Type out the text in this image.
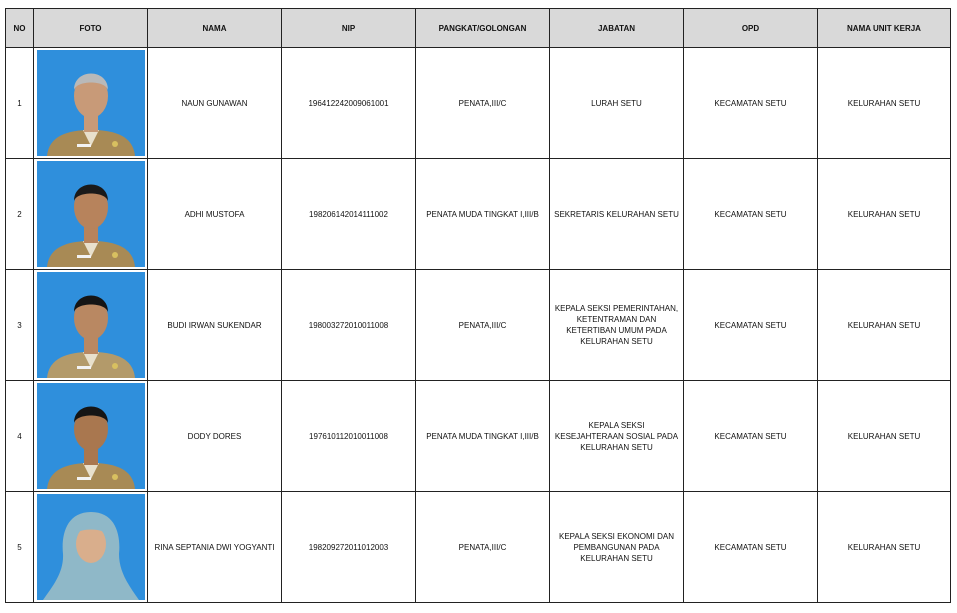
NO	FOTO	NAMA	NIP	PANGKAT/GOLONGAN	JABATAN	OPD	NAMA UNIT KERJA
1		NAUN GUNAWAN	196412242009061001	PENATA,III/C	LURAH SETU	KECAMATAN SETU	KELURAHAN SETU
2		ADHI MUSTOFA	198206142014111002	PENATA MUDA TINGKAT I,III/B	SEKRETARIS KELURAHAN SETU	KECAMATAN SETU	KELURAHAN SETU
3		BUDI IRWAN SUKENDAR	198003272010011008	PENATA,III/C	KEPALA SEKSI PEMERINTAHAN, KETENTRAMAN DAN KETERTIBAN UMUM PADA KELURAHAN SETU	KECAMATAN SETU	KELURAHAN SETU
4		DODY DORES	197610112010011008	PENATA MUDA TINGKAT I,III/B	KEPALA SEKSI KESEJAHTERAAN SOSIAL PADA KELURAHAN SETU	KECAMATAN SETU	KELURAHAN SETU
5		RINA SEPTANIA DWI YOGYANTI	198209272011012003	PENATA,III/C	KEPALA SEKSI EKONOMI DAN PEMBANGUNAN PADA KELURAHAN SETU	KECAMATAN SETU	KELURAHAN SETU
